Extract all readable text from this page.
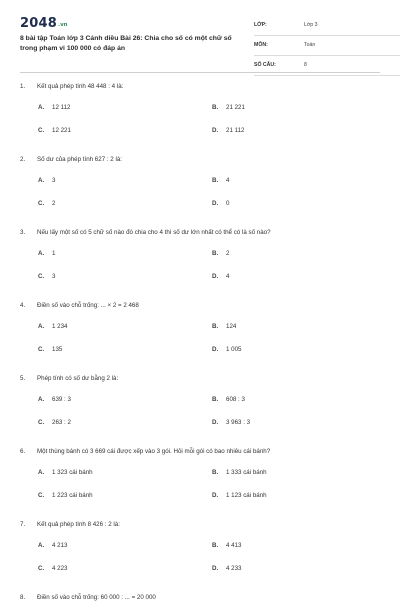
2048.vn
8 bài tập Toán lớp 3 Cánh diều Bài 26: Chia cho số có một chữ số trong phạm vi 100 000 có đáp án
LỚP:	Lớp 3
MÔN:	Toán
SỐ CÂU:	8
1. Kết quả phép tính 48 448 : 4 là:
A. 12 112	B. 21 221
C. 12 221	D. 21 112
2. Số dư của phép tính 627 : 2 là:
A. 3	B. 4
C. 2	D. 0
3. Nếu lấy một số có 5 chữ số nào đó chia cho 4 thì số dư lớn nhất có thể có là số nào?
A. 1	B. 2
C. 3	D. 4
4. Điền số vào chỗ trống: ... × 2 = 2 468
A. 1 234	B. 124
C. 135	D. 1 005
5. Phép tính có số dư bằng 2 là:
A. 639 : 3	B. 608 : 3
C. 263 : 2	D. 3 963 : 3
6. Một thùng bánh có 3 669 cái được xếp vào 3 gói. Hỏi mỗi gói có bao nhiêu cái bánh?
A. 1 323 cái bánh	B. 1 333 cái bánh
C. 1 223 cái bánh	D. 1 123 cái bánh
7. Kết quả phép tính 8 426 : 2 là:
A. 4 213	B. 4 413
C. 4 223	D. 4 233
8. Điền số vào chỗ trống: 60 000 : ... = 20 000
